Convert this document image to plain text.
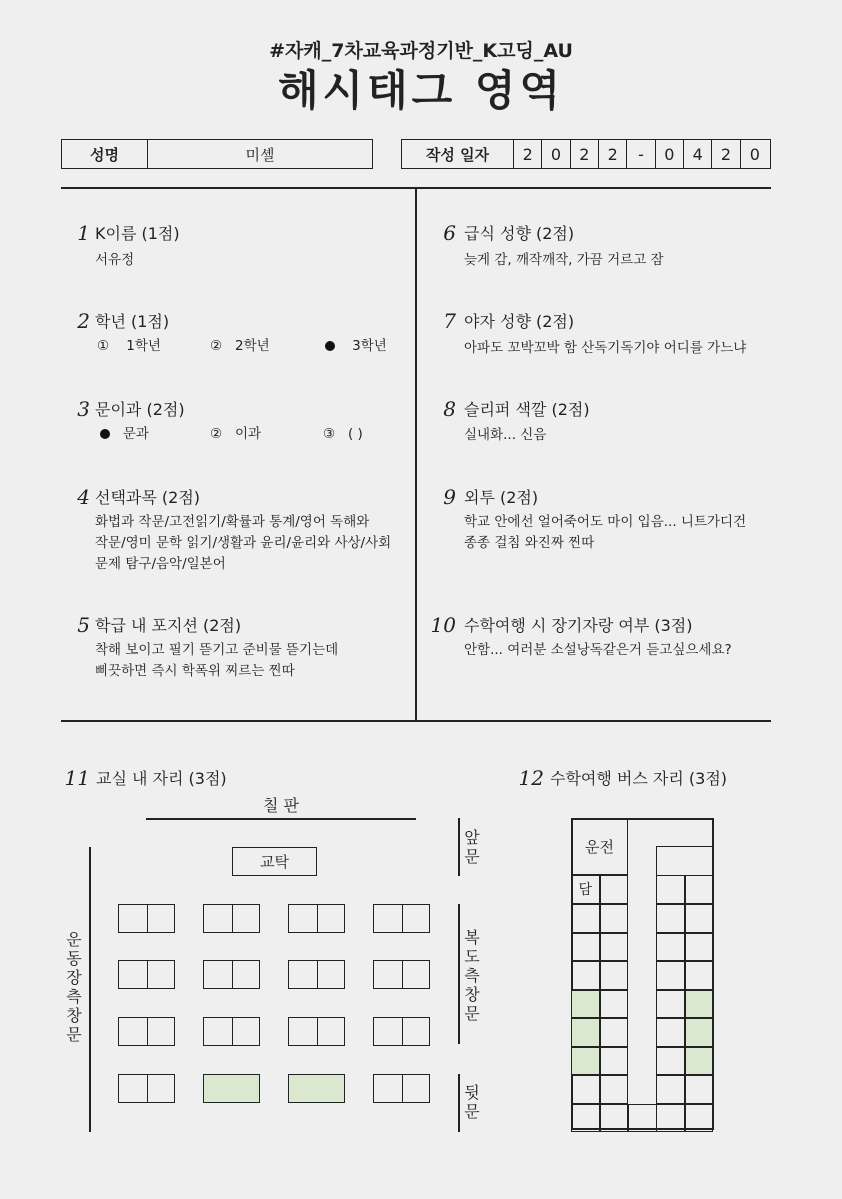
#자캐_7차교육과정기반_K고딩_AU
해시태그 영역
성명	미셸	작성 일자	2	0	2	2	-	0	4	2	0
1 K이름 (1점)
서유정
2 학년 (1점)
① 1학년	② 2학년	3학년
3 문이과 (2점)
문과	② 이과	③ ( )
4 선택과목 (2점)
화법과 작문/고전읽기/확률과 통계/영어 독해와
작문/영미 문학 읽기/생활과 윤리/윤리와 사상/사회
문제 탐구/음악/일본어
5 학급 내 포지션 (2점)
착해 보이고 필기 뜯기고 준비물 뜯기는데
삐끗하면 즉시 학폭위 찌르는 찐따
6 급식 성향 (2점)
늦게 감, 깨작깨작, 가끔 거르고 잠
7 야자 성향 (2점)
아파도 꼬박꼬박 함 산독기독기야 어디를 가느냐
8 슬리퍼 색깔 (2점)
실내화... 신음
9 외투 (2점)
학교 안에선 얼어죽어도 마이 입음... 니트가디건
종종 걸침 와진짜 찐따
10 수학여행 시 장기자랑 여부 (3점)
안함... 여러분 소설낭독같은거 듣고싶으세요?
11 교실 내 자리 (3점)
칠 판
교탁
운동장측창문
앞문
복도측창문
뒷문
12 수학여행 버스 자리 (3점)
운전
담
